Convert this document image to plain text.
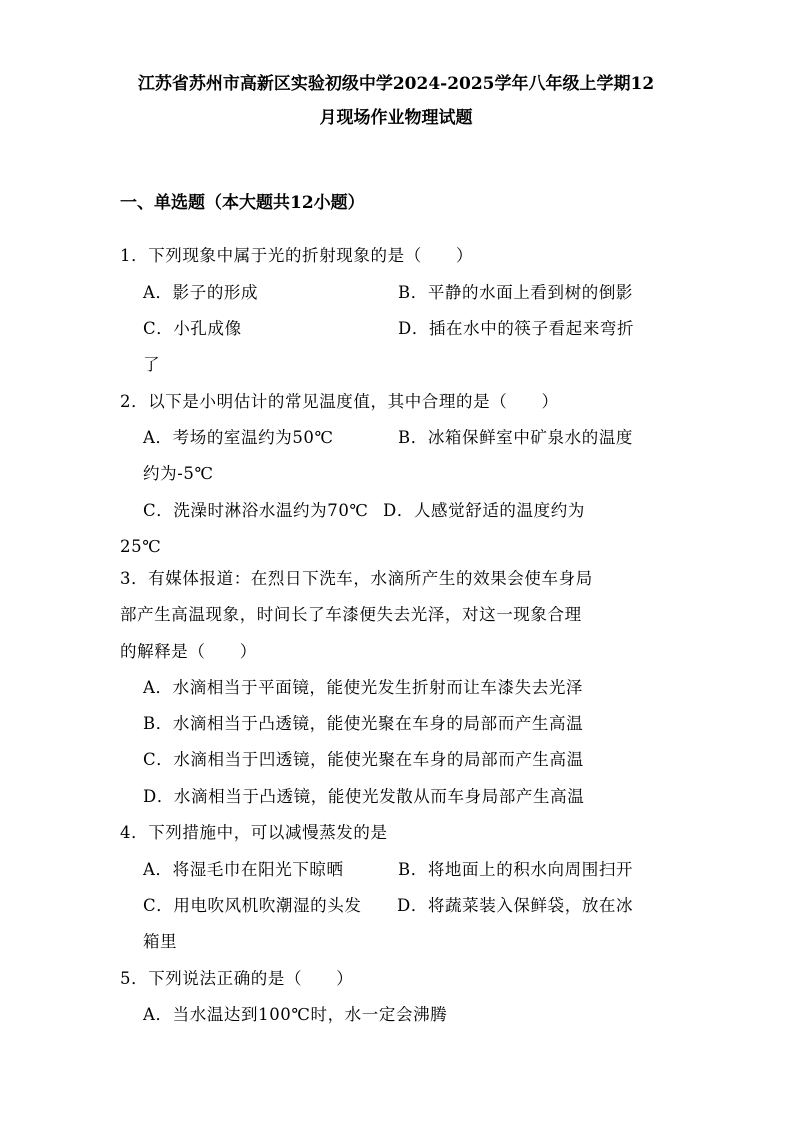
江苏省苏州市高新区实验初级中学2024-2025学年八年级上学期12
月现场作业物理试题
一、单选题（本大题共12小题）
1．下列现象中属于光的折射现象的是（　　）
A．影子的形成	B．平静的水面上看到树的倒影
C．小孔成像	D．插在水中的筷子看起来弯折
了
2．以下是小明估计的常见温度值，其中合理的是（　　）
A．考场的室温约为50℃	B．冰箱保鲜室中矿泉水的温度
约为-5℃
C．洗澡时淋浴水温约为70℃ D．人感觉舒适的温度约为
25℃
3．有媒体报道：在烈日下洗车，水滴所产生的效果会使车身局
部产生高温现象，时间长了车漆便失去光泽，对这一现象合理
的解释是（　　）
A．水滴相当于平面镜，能使光发生折射而让车漆失去光泽
B．水滴相当于凸透镜，能使光聚在车身的局部而产生高温
C．水滴相当于凹透镜，能使光聚在车身的局部而产生高温
D．水滴相当于凸透镜，能使光发散从而车身局部产生高温
4．下列措施中，可以减慢蒸发的是
A．将湿毛巾在阳光下晾晒	B．将地面上的积水向周围扫开
C．用电吹风机吹潮湿的头发 D．将蔬菜装入保鲜袋，放在冰
箱里
5．下列说法正确的是（　　）
A．当水温达到100℃时，水一定会沸腾
